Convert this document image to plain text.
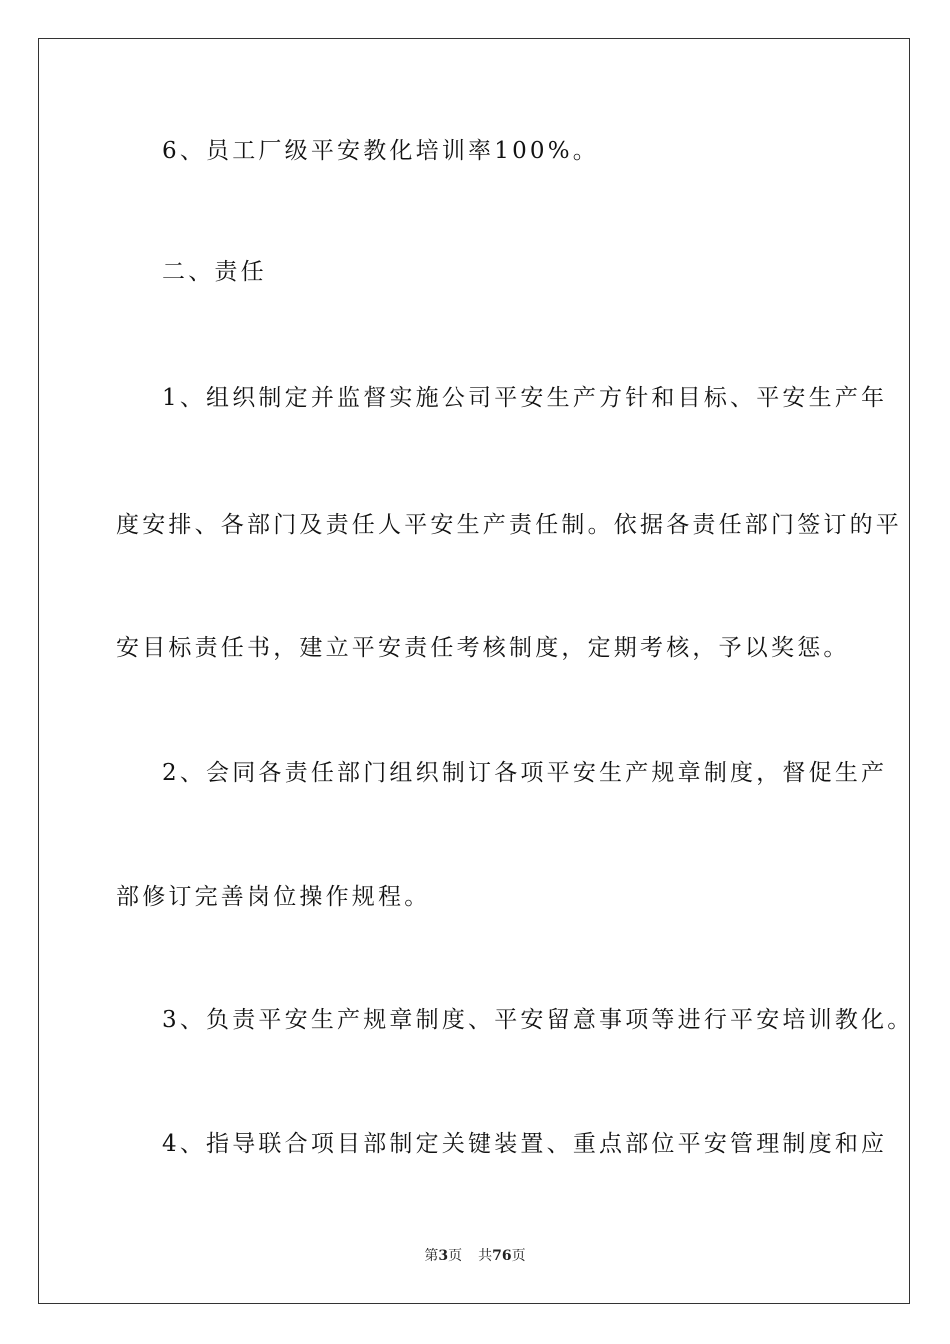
6、员工厂级平安教化培训率100%。
二、责任
1、组织制定并监督实施公司平安生产方针和目标、平安生产年
度安排、各部门及责任人平安生产责任制。依据各责任部门签订的平
安目标责任书，建立平安责任考核制度，定期考核，予以奖惩。
2、会同各责任部门组织制订各项平安生产规章制度，督促生产
部修订完善岗位操作规程。
3、负责平安生产规章制度、平安留意事项等进行平安培训教化。
4、指导联合项目部制定关键装置、重点部位平安管理制度和应
第3页 共76页
